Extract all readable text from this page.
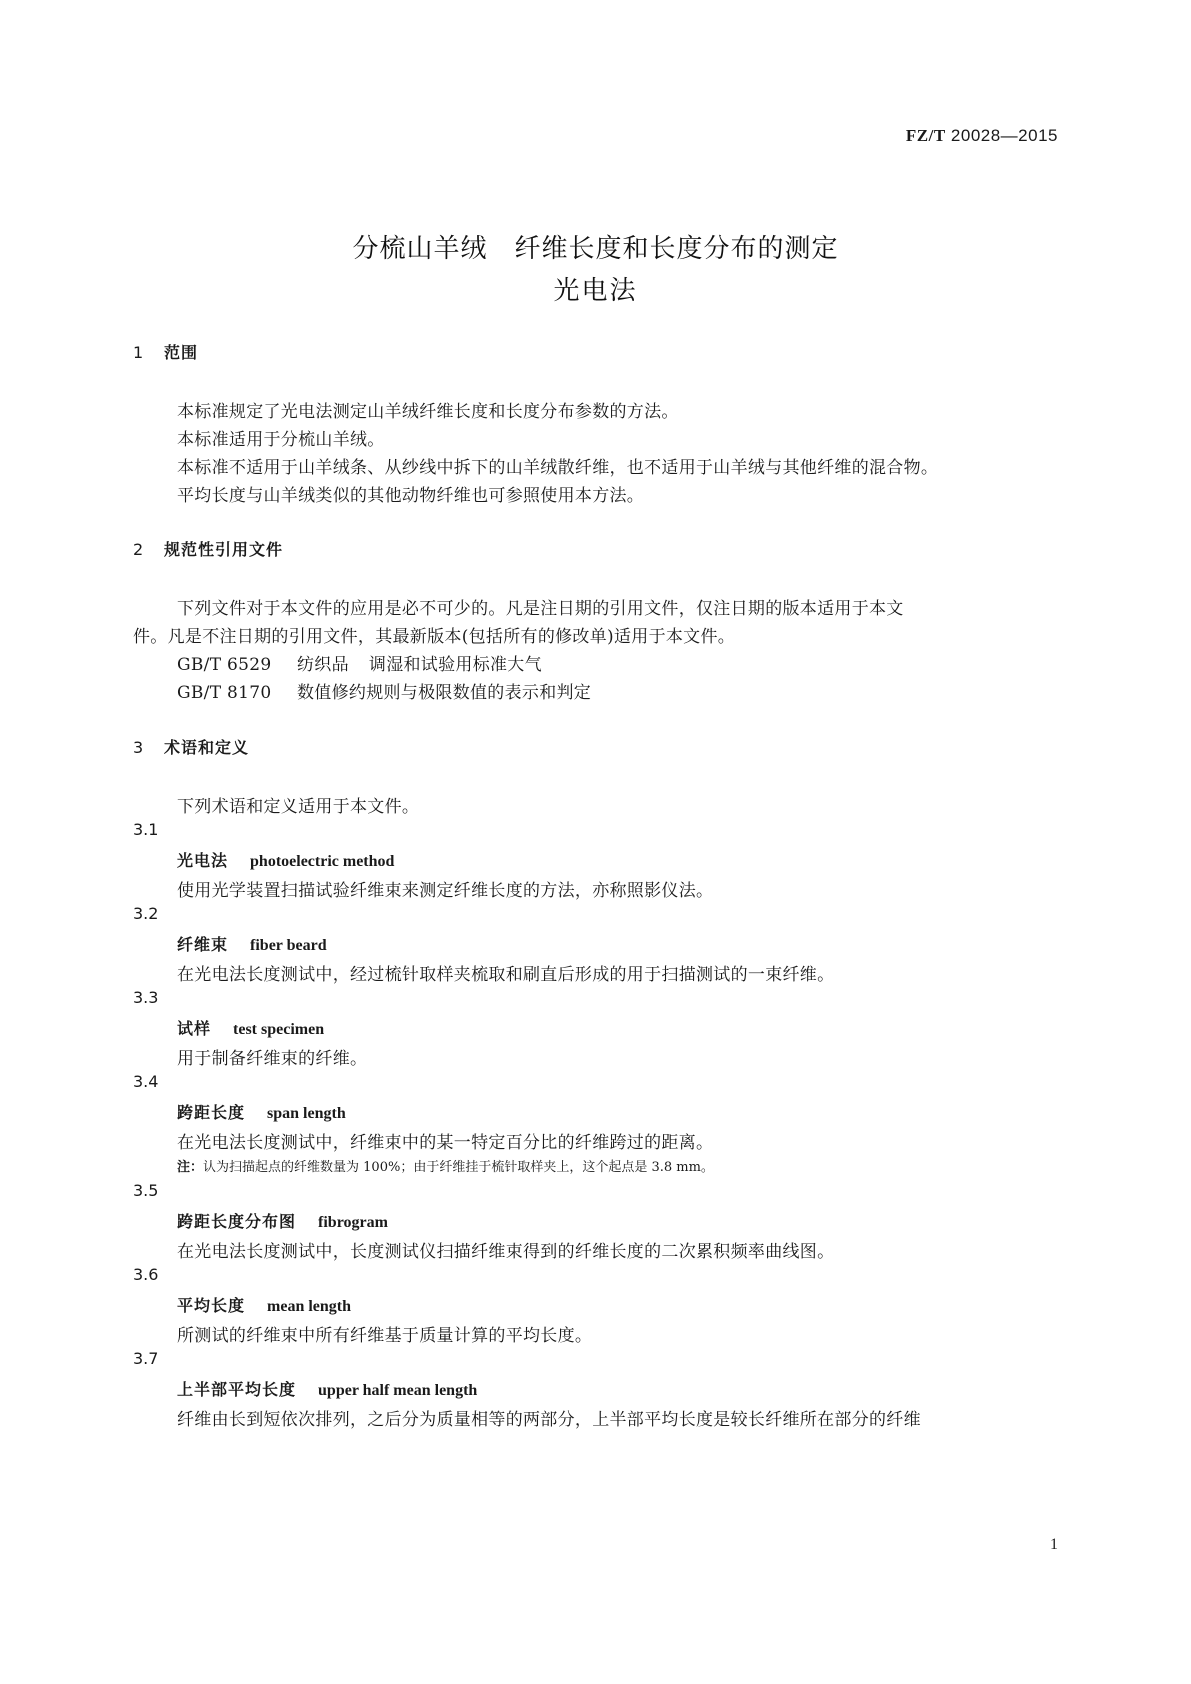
FZ/T 20028—2015
分梳山羊绒　纤维长度和长度分布的测定
光电法
1 范围
本标准规定了光电法测定山羊绒纤维长度和长度分布参数的方法。
本标准适用于分梳山羊绒。
本标准不适用于山羊绒条、从纱线中拆下的山羊绒散纤维，也不适用于山羊绒与其他纤维的混合物。
平均长度与山羊绒类似的其他动物纤维也可参照使用本方法。
2 规范性引用文件
下列文件对于本文件的应用是必不可少的。凡是注日期的引用文件，仅注日期的版本适用于本文
件。凡是不注日期的引用文件，其最新版本(包括所有的修改单)适用于本文件。
GB/T 6529 纺织品 调湿和试验用标准大气
GB/T 8170 数值修约规则与极限数值的表示和判定
3 术语和定义
下列术语和定义适用于本文件。
3.1
光电法 photoelectric method
使用光学装置扫描试验纤维束来测定纤维长度的方法，亦称照影仪法。
3.2
纤维束 fiber beard
在光电法长度测试中，经过梳针取样夹梳取和刷直后形成的用于扫描测试的一束纤维。
3.3
试样 test specimen
用于制备纤维束的纤维。
3.4
跨距长度 span length
在光电法长度测试中，纤维束中的某一特定百分比的纤维跨过的距离。
注：认为扫描起点的纤维数量为 100%；由于纤维挂于梳针取样夹上，这个起点是 3.8 mm。
3.5
跨距长度分布图 fibrogram
在光电法长度测试中，长度测试仪扫描纤维束得到的纤维长度的二次累积频率曲线图。
3.6
平均长度 mean length
所测试的纤维束中所有纤维基于质量计算的平均长度。
3.7
上半部平均长度 upper half mean length
纤维由长到短依次排列，之后分为质量相等的两部分，上半部平均长度是较长纤维所在部分的纤维
1
